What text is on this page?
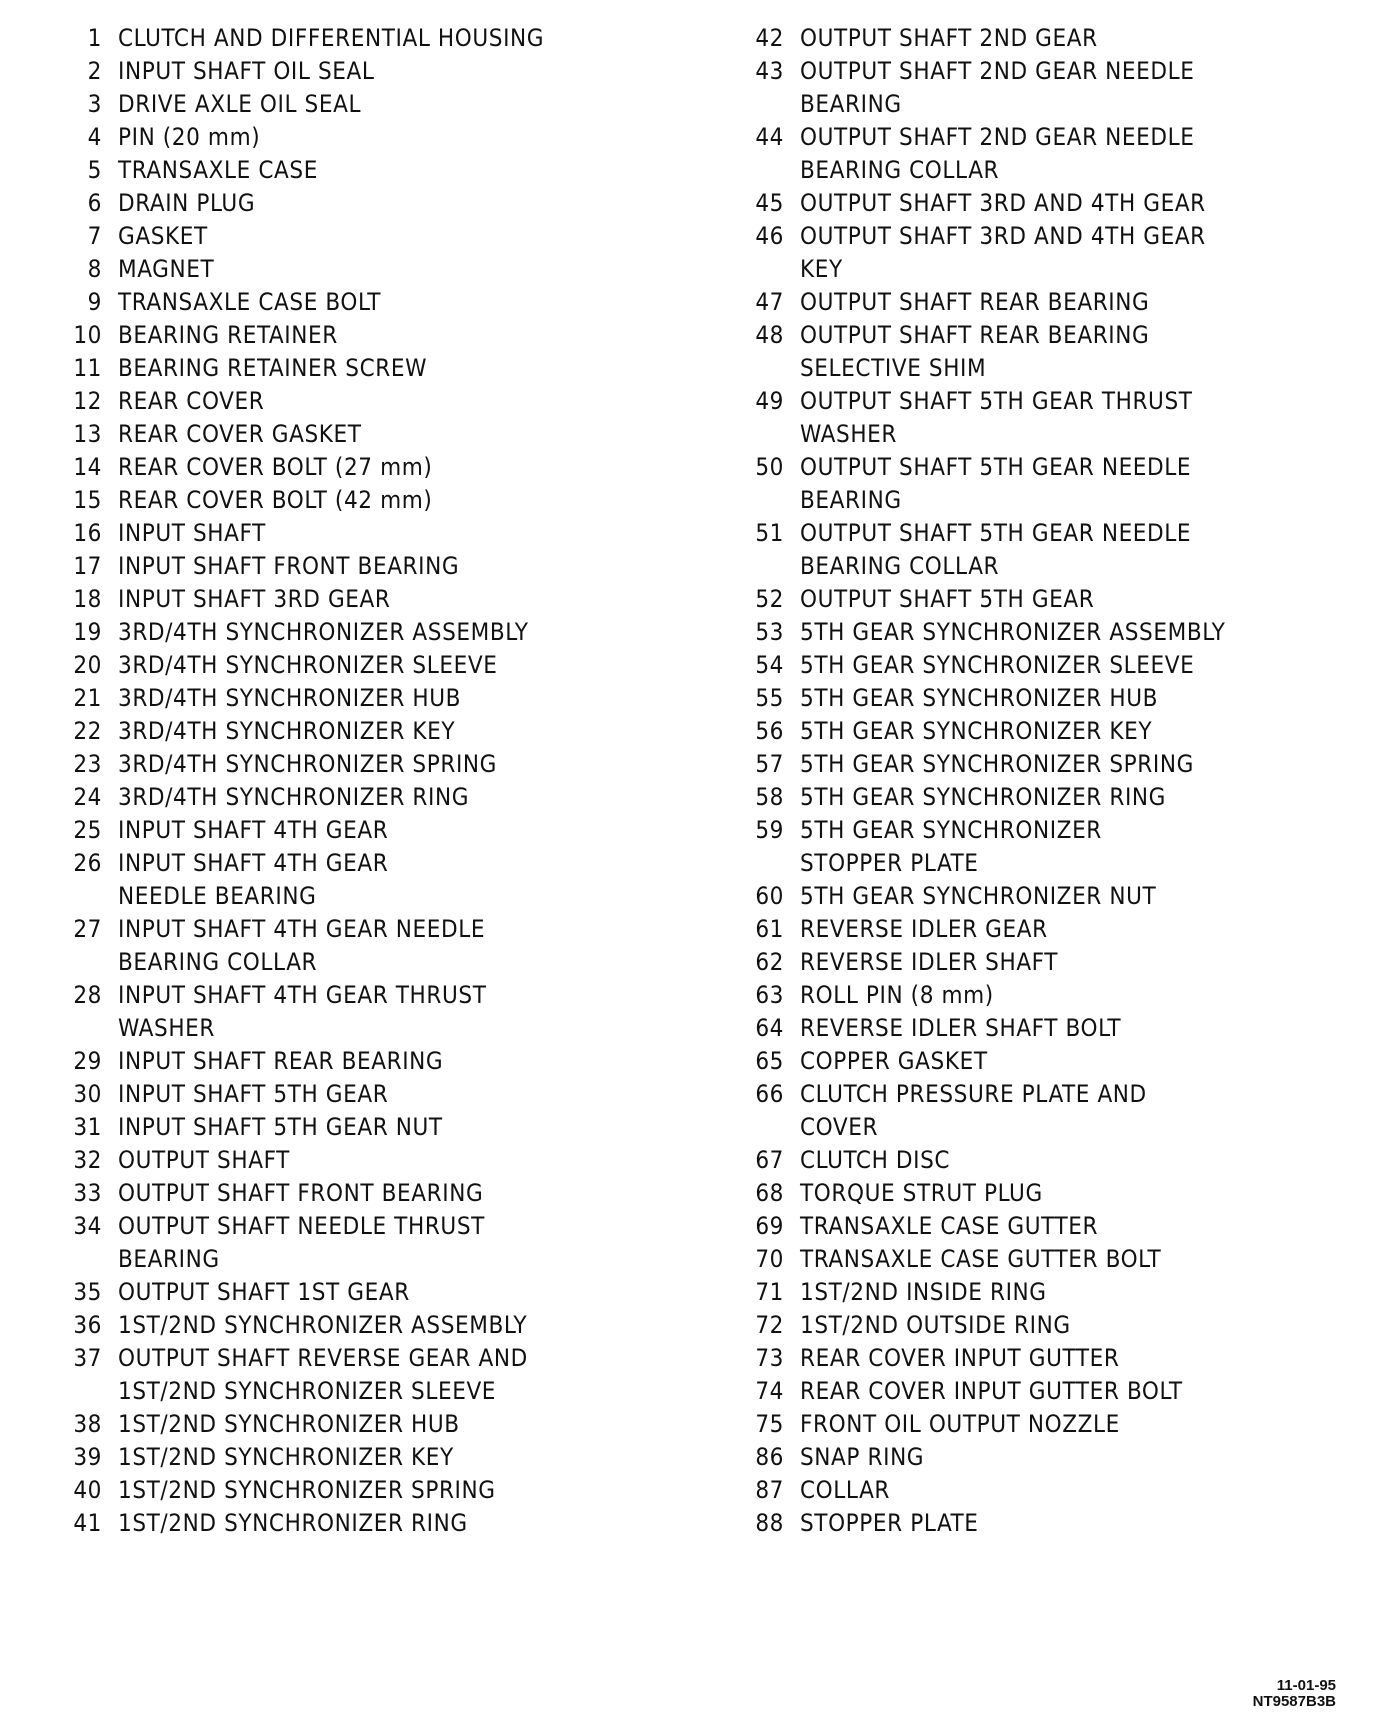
1 CLUTCH AND DIFFERENTIAL HOUSING
2 INPUT SHAFT OIL SEAL
3 DRIVE AXLE OIL SEAL
4 PIN (20 mm)
5 TRANSAXLE CASE
6 DRAIN PLUG
7 GASKET
8 MAGNET
9 TRANSAXLE CASE BOLT
10 BEARING RETAINER
11 BEARING RETAINER SCREW
12 REAR COVER
13 REAR COVER GASKET
14 REAR COVER BOLT (27 mm)
15 REAR COVER BOLT (42 mm)
16 INPUT SHAFT
17 INPUT SHAFT FRONT BEARING
18 INPUT SHAFT 3RD GEAR
19 3RD/4TH SYNCHRONIZER ASSEMBLY
20 3RD/4TH SYNCHRONIZER SLEEVE
21 3RD/4TH SYNCHRONIZER HUB
22 3RD/4TH SYNCHRONIZER KEY
23 3RD/4TH SYNCHRONIZER SPRING
24 3RD/4TH SYNCHRONIZER RING
25 INPUT SHAFT 4TH GEAR
26 INPUT SHAFT 4TH GEAR
NEEDLE BEARING
27 INPUT SHAFT 4TH GEAR NEEDLE
BEARING COLLAR
28 INPUT SHAFT 4TH GEAR THRUST
WASHER
29 INPUT SHAFT REAR BEARING
30 INPUT SHAFT 5TH GEAR
31 INPUT SHAFT 5TH GEAR NUT
32 OUTPUT SHAFT
33 OUTPUT SHAFT FRONT BEARING
34 OUTPUT SHAFT NEEDLE THRUST
BEARING
35 OUTPUT SHAFT 1ST GEAR
36 1ST/2ND SYNCHRONIZER ASSEMBLY
37 OUTPUT SHAFT REVERSE GEAR AND
1ST/2ND SYNCHRONIZER SLEEVE
38 1ST/2ND SYNCHRONIZER HUB
39 1ST/2ND SYNCHRONIZER KEY
40 1ST/2ND SYNCHRONIZER SPRING
41 1ST/2ND SYNCHRONIZER RING
42 OUTPUT SHAFT 2ND GEAR
43 OUTPUT SHAFT 2ND GEAR NEEDLE
BEARING
44 OUTPUT SHAFT 2ND GEAR NEEDLE
BEARING COLLAR
45 OUTPUT SHAFT 3RD AND 4TH GEAR
46 OUTPUT SHAFT 3RD AND 4TH GEAR
KEY
47 OUTPUT SHAFT REAR BEARING
48 OUTPUT SHAFT REAR BEARING
SELECTIVE SHIM
49 OUTPUT SHAFT 5TH GEAR THRUST
WASHER
50 OUTPUT SHAFT 5TH GEAR NEEDLE
BEARING
51 OUTPUT SHAFT 5TH GEAR NEEDLE
BEARING COLLAR
52 OUTPUT SHAFT 5TH GEAR
53 5TH GEAR SYNCHRONIZER ASSEMBLY
54 5TH GEAR SYNCHRONIZER SLEEVE
55 5TH GEAR SYNCHRONIZER HUB
56 5TH GEAR SYNCHRONIZER KEY
57 5TH GEAR SYNCHRONIZER SPRING
58 5TH GEAR SYNCHRONIZER RING
59 5TH GEAR SYNCHRONIZER
STOPPER PLATE
60 5TH GEAR SYNCHRONIZER NUT
61 REVERSE IDLER GEAR
62 REVERSE IDLER SHAFT
63 ROLL PIN (8 mm)
64 REVERSE IDLER SHAFT BOLT
65 COPPER GASKET
66 CLUTCH PRESSURE PLATE AND
COVER
67 CLUTCH DISC
68 TORQUE STRUT PLUG
69 TRANSAXLE CASE GUTTER
70 TRANSAXLE CASE GUTTER BOLT
71 1ST/2ND INSIDE RING
72 1ST/2ND OUTSIDE RING
73 REAR COVER INPUT GUTTER
74 REAR COVER INPUT GUTTER BOLT
75 FRONT OIL OUTPUT NOZZLE
86 SNAP RING
87 COLLAR
88 STOPPER PLATE
11-01-95
NT9587B3B
